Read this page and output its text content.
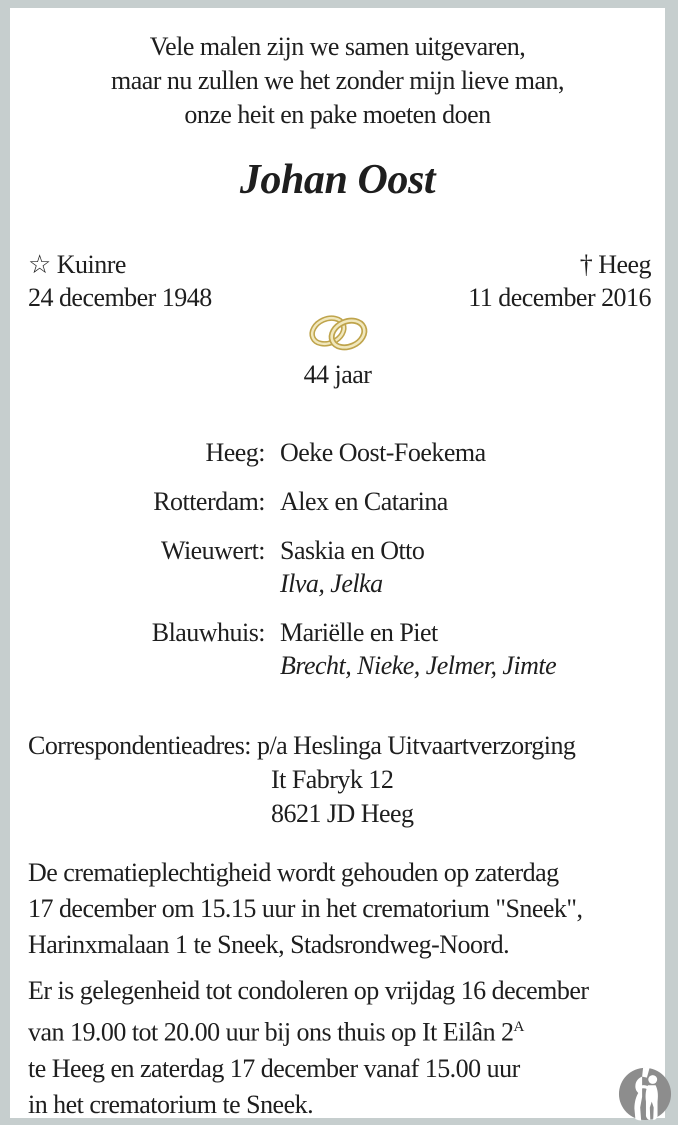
Vele malen zijn we samen uitgevaren,
maar nu zullen we het zonder mijn lieve man,
onze heit en pake moeten doen
Johan Oost
☆ Kuinre
24 december 1948
† Heeg
11 december 2016
44 jaar
Heeg: Oeke Oost-Foekema
Rotterdam: Alex en Catarina
Wieuwert: Saskia en Otto
Ilva, Jelka
Blauwhuis: Mariëlle en Piet
Brecht, Nieke, Jelmer, Jimte
Correspondentieadres: p/a Heslinga Uitvaartverzorging
It Fabryk 12
8621 JD Heeg
De crematieplechtigheid wordt gehouden op zaterdag
17 december om 15.15 uur in het crematorium "Sneek",
Harinxmalaan 1 te Sneek, Stadsrondweg-Noord.
Er is gelegenheid tot condoleren op vrijdag 16 december
van 19.00 tot 20.00 uur bij ons thuis op It Eilân $2^A$
te Heeg en zaterdag 17 december vanaf 15.00 uur
in het crematorium te Sneek.
